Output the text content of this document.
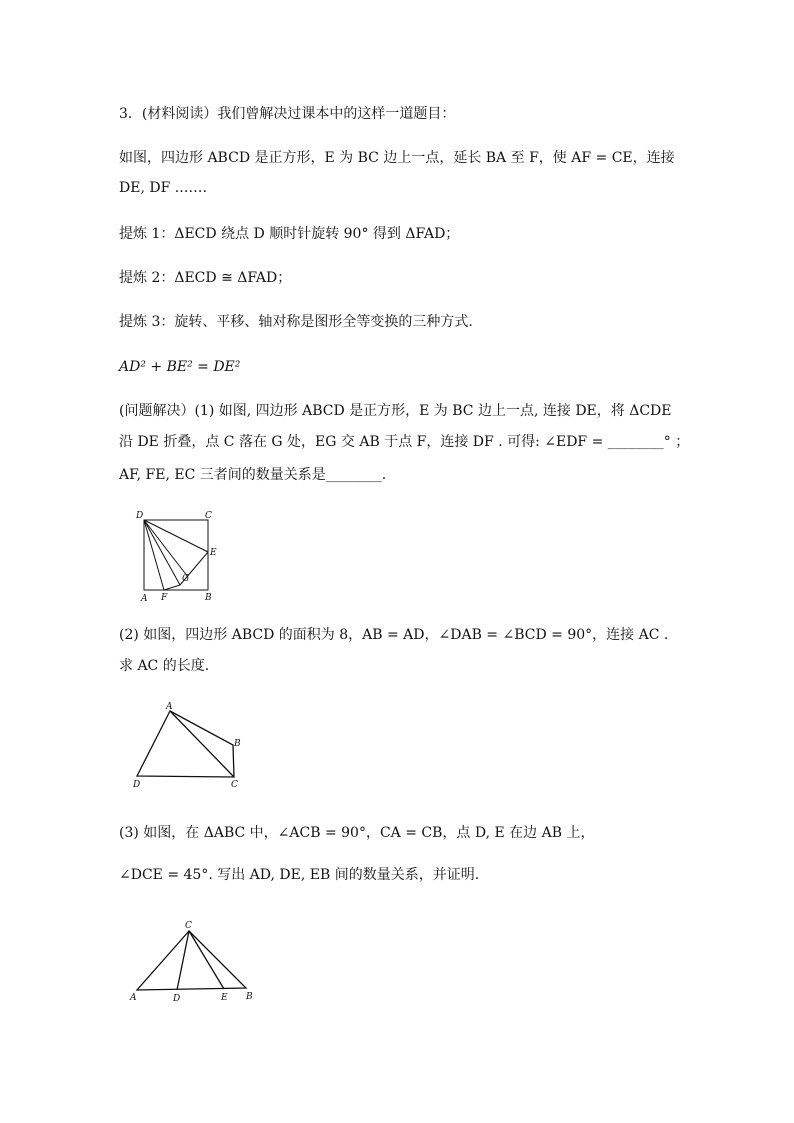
3．(材料阅读）我们曾解决过课本中的这样一道题目：
如图，四边形 ABCD 是正方形，E 为 BC 边上一点，延长 BA 至 F，使 AF = CE，连接
DE, DF .……
提炼 1：ΔECD 绕点 D 顺时针旋转 90° 得到 ΔFAD；
提炼 2：ΔECD ≅ ΔFAD；
提炼 3：旋转、平移、轴对称是图形全等变换的三种方式.
AD² + BE² = DE²
(问题解决）(1) 如图, 四边形 ABCD 是正方形，E 为 BC 边上一点, 连接 DE，将 ΔCDE
沿 DE 折叠，点 C 落在 G 处，EG 交 AB 于点 F，连接 DF . 可得: ∠EDF = ________° ；
AF, FE, EC 三者间的数量关系是________.
D	C
E
G
A F	B
(2) 如图，四边形 ABCD 的面积为 8，AB = AD，∠DAB = ∠BCD = 90°，连接 AC .
求 AC 的长度.
A
B
C
D
(3) 如图，在 ΔABC 中，∠ACB = 90°，CA = CB，点 D, E 在边 AB 上，
∠DCE = 45°. 写出 AD, DE, EB 间的数量关系，并证明.
C
A	D	E B
